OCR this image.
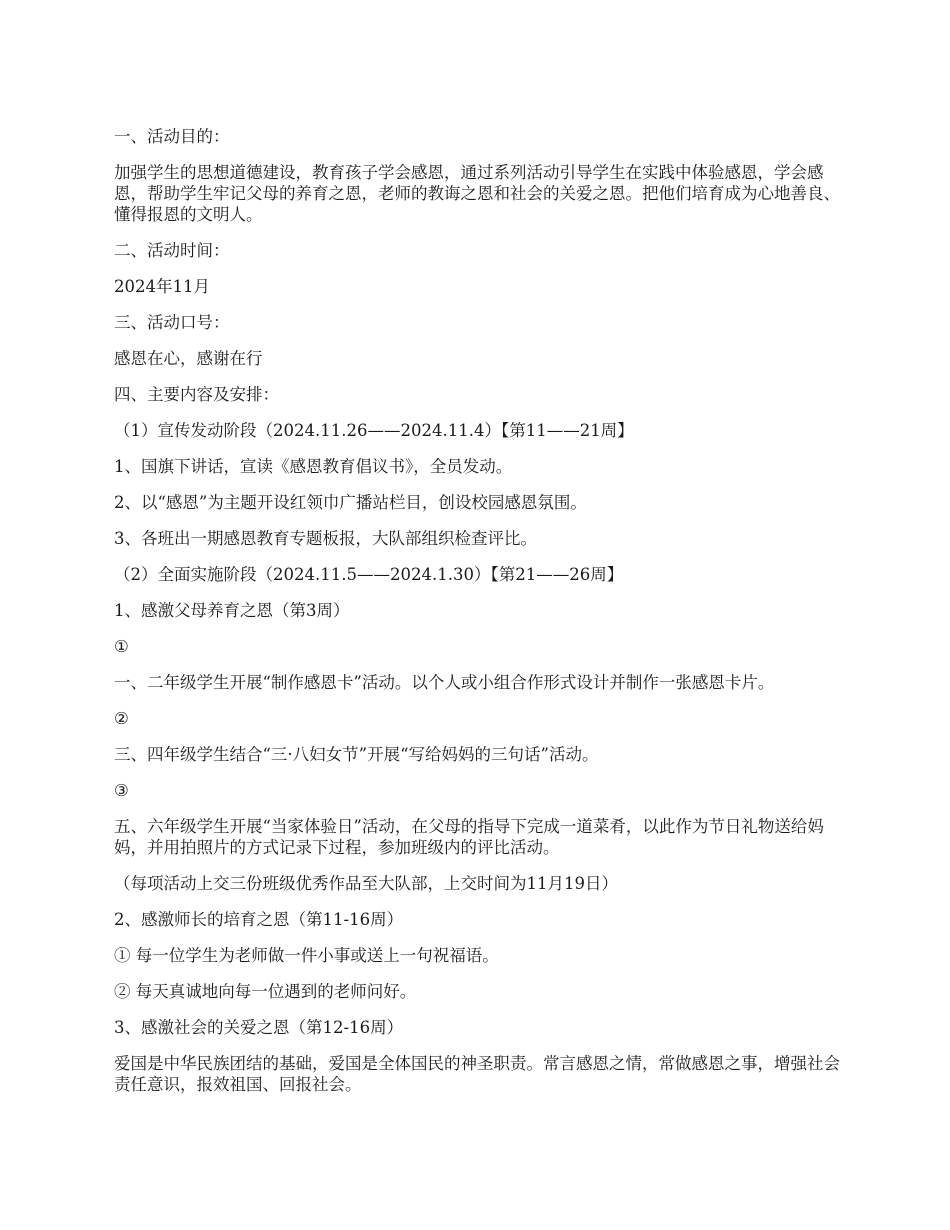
一、活动目的：

加强学生的思想道德建设，教育孩子学会感恩，通过系列活动引导学生在实践中体验感恩，学会感恩，帮助学生牢记父母的养育之恩，老师的教诲之恩和社会的关爱之恩。把他们培育成为心地善良、懂得报恩的文明人。

二、活动时间：

2024年11月

三、活动口号：

感恩在心，感谢在行

四、主要内容及安排：

（1）宣传发动阶段（2024.11.26——2024.11.4）【第11——21周】

1、国旗下讲话，宣读《感恩教育倡议书》，全员发动。

2、以“感恩”为主题开设红领巾广播站栏目，创设校园感恩氛围。

3、各班出一期感恩教育专题板报，大队部组织检查评比。

（2）全面实施阶段（2024.11.5——2024.1.30）【第21——26周】

1、感激父母养育之恩（第3周）

①

一、二年级学生开展“制作感恩卡”活动。以个人或小组合作形式设计并制作一张感恩卡片。

②

三、四年级学生结合“三·八妇女节”开展“写给妈妈的三句话”活动。

③

五、六年级学生开展“当家体验日”活动，在父母的指导下完成一道菜肴，以此作为节日礼物送给妈妈，并用拍照片的方式记录下过程，参加班级内的评比活动。

（每项活动上交三份班级优秀作品至大队部，上交时间为11月19日）

2、感激师长的培育之恩（第11-16周）

① 每一位学生为老师做一件小事或送上一句祝福语。

② 每天真诚地向每一位遇到的老师问好。

3、感激社会的关爱之恩（第12-16周）

爱国是中华民族团结的基础，爱国是全体国民的神圣职责。常言感恩之情，常做感恩之事，增强社会责任意识，报效祖国、回报社会。
